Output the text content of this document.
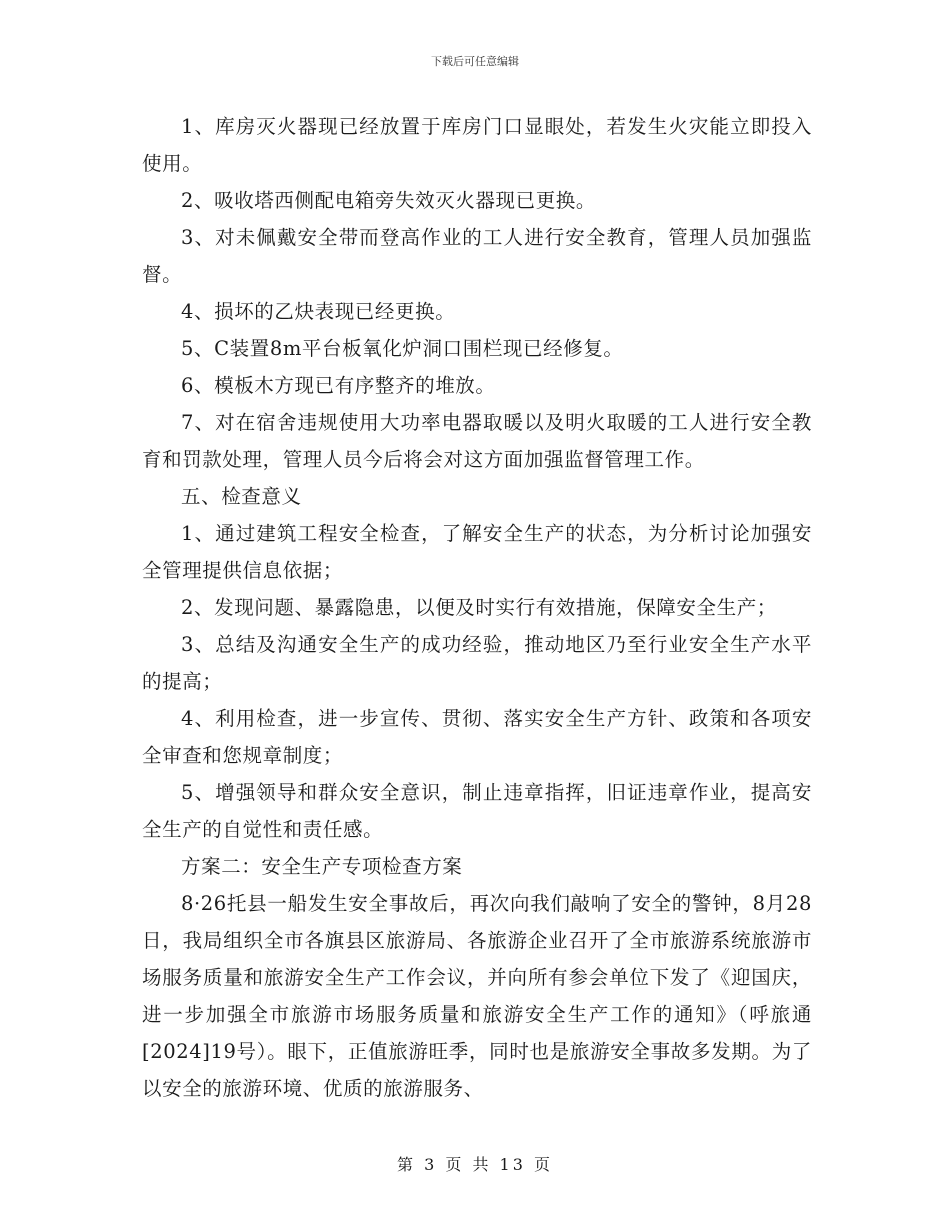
下载后可任意编辑

1、库房灭火器现已经放置于库房门口显眼处，若发生火灾能立即投入使用。

2、吸收塔西侧配电箱旁失效灭火器现已更换。

3、对未佩戴安全带而登高作业的工人进行安全教育，管理人员加强监督。

4、损坏的乙炔表现已经更换。

5、C装置8m平台板氧化炉洞口围栏现已经修复。

6、模板木方现已有序整齐的堆放。

7、对在宿舍违规使用大功率电器取暖以及明火取暖的工人进行安全教育和罚款处理，管理人员今后将会对这方面加强监督管理工作。

五、检查意义

1、通过建筑工程安全检查，了解安全生产的状态，为分析讨论加强安全管理提供信息依据；

2、发现问题、暴露隐患，以便及时实行有效措施，保障安全生产；

3、总结及沟通安全生产的成功经验，推动地区乃至行业安全生产水平的提高；

4、利用检查，进一步宣传、贯彻、落实安全生产方针、政策和各项安全审查和您规章制度；

5、增强领导和群众安全意识，制止违章指挥，旧证违章作业，提高安全生产的自觉性和责任感。

方案二：安全生产专项检查方案

8·26托县一船发生安全事故后，再次向我们敲响了安全的警钟，8月28日，我局组织全市各旗县区旅游局、各旅游企业召开了全市旅游系统旅游市场服务质量和旅游安全生产工作会议，并向所有参会单位下发了《迎国庆，进一步加强全市旅游市场服务质量和旅游安全生产工作的通知》（呼旅通[2024]19号）。眼下，正值旅游旺季，同时也是旅游安全事故多发期。为了以安全的旅游环境、优质的旅游服务、

第 3 页 共 13 页
